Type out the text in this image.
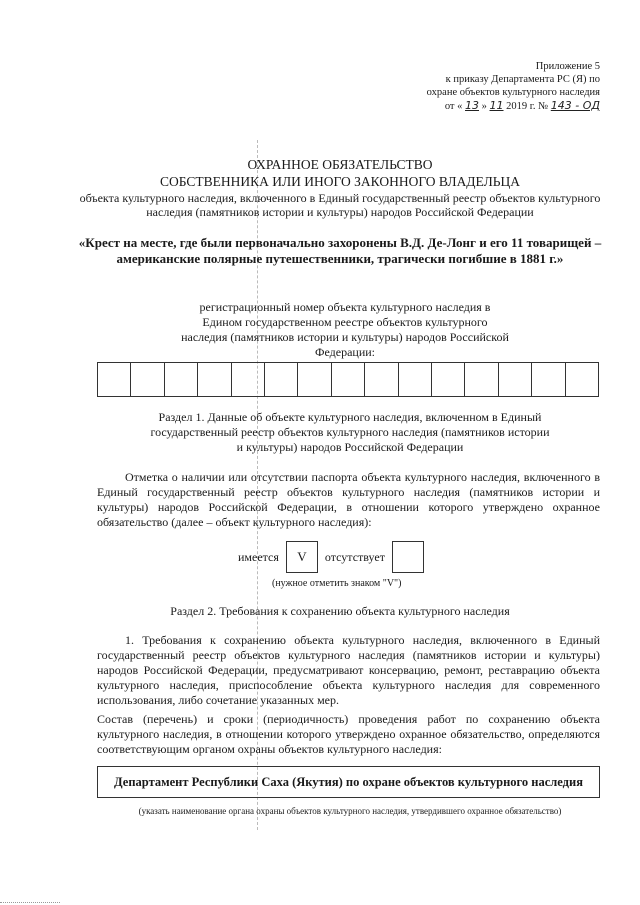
Приложение 5
к приказу Департамента РС (Я) по
охране объектов культурного наследия
от « 13 » 11 2019 г. № 143 - ОД
ОХРАННОЕ ОБЯЗАТЕЛЬСТВО
СОБСТВЕННИКА ИЛИ ИНОГО ЗАКОННОГО ВЛАДЕЛЬЦА
объекта культурного наследия, включенного в Единый государственный реестр объектов культурного наследия (памятников истории и культуры) народов Российской Федерации
«Крест на месте, где были первоначально захоронены В.Д. Де-Лонг и его 11 товарищей – американские полярные путешественники, трагически погибшие в 1881 г.»
регистрационный номер объекта культурного наследия в Едином государственном реестре объектов культурного наследия (памятников истории и культуры) народов Российской Федерации:
Раздел 1. Данные об объекте культурного наследия, включенном в Единый государственный реестр объектов культурного наследия (памятников истории и культуры) народов Российской Федерации
Отметка о наличии или отсутствии паспорта объекта культурного наследия, включенного в Единый государственный реестр объектов культурного наследия (памятников истории и культуры) народов Российской Федерации, в отношении которого утверждено охранное обязательство (далее – объект культурного наследия):
имеется	V	отсутствует
(нужное отметить знаком "V")
Раздел 2. Требования к сохранению объекта культурного наследия
1. Требования к сохранению объекта культурного наследия, включенного в Единый государственный реестр объектов культурного наследия (памятников истории и культуры) народов Российской Федерации, предусматривают консервацию, ремонт, реставрацию объекта культурного наследия, приспособление объекта культурного наследия для современного использования, либо сочетание указанных мер.
Состав (перечень) и сроки (периодичность) проведения работ по сохранению объекта культурного наследия, в отношении которого утверждено охранное обязательство, определяются соответствующим органом охраны объектов культурного наследия:
Департамент Республики Саха (Якутия) по охране объектов культурного наследия
(указать наименование органа охраны объектов культурного наследия, утвердившего охранное обязательство)
